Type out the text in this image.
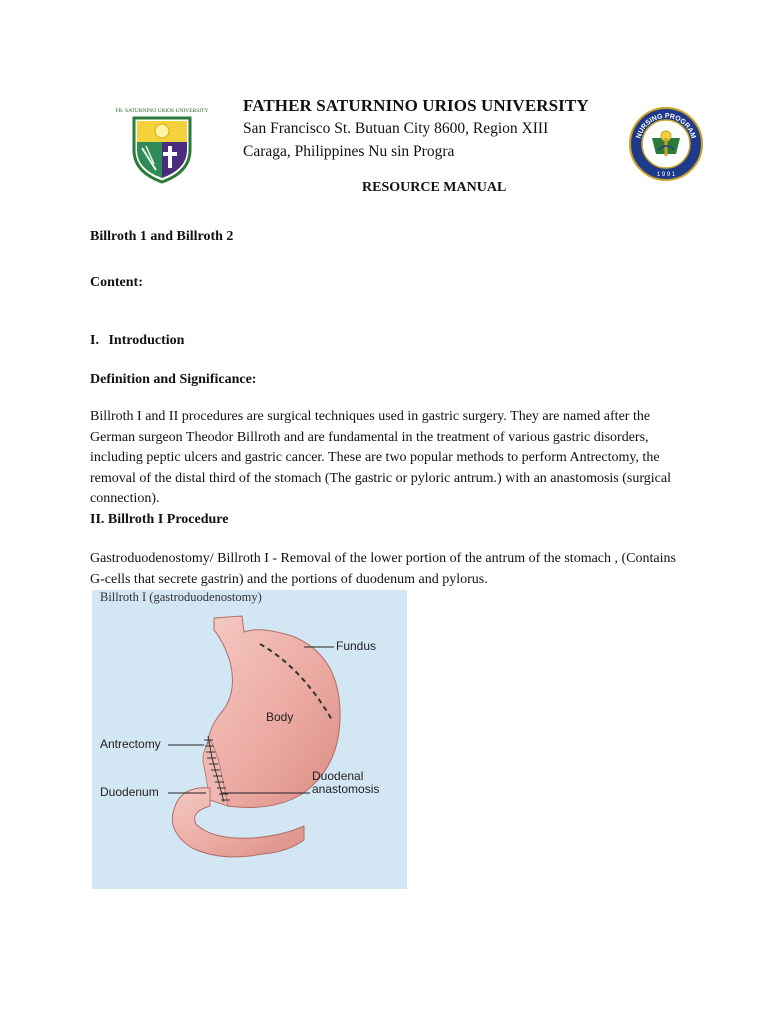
FR. SATURNINO URIOS UNIVERSITY FATHER SATURNINO URIOS UNIVERSITY
San Francisco St. Butuan City 8600, Region XIII
Caraga, Philippines Nu sin Progra
NURSING PROGRAM
1 9 9 1
RESOURCE MANUAL
Billroth 1 and Billroth 2
Content:
I. Introduction
Definition and Significance:
Billroth I and II procedures are surgical techniques used in gastric surgery. They are named after the German surgeon Theodor Billroth and are fundamental in the treatment of various gastric disorders, including peptic ulcers and gastric cancer. These are two popular methods to perform Antrectomy, the removal of the distal third of the stomach (The gastric or pyloric antrum.) with an anastomosis (surgical connection).
II. Billroth I Procedure
Gastroduodenostomy/ Billroth I - Removal of the lower portion of the antrum of the stomach , (Contains G-cells that secrete gastrin) and the portions of duodenum and pylorus.
Billroth I (gastroduodenostomy)
Fundus
Body
Antrectomy
Duodenal
anastomosis
Duodenum
